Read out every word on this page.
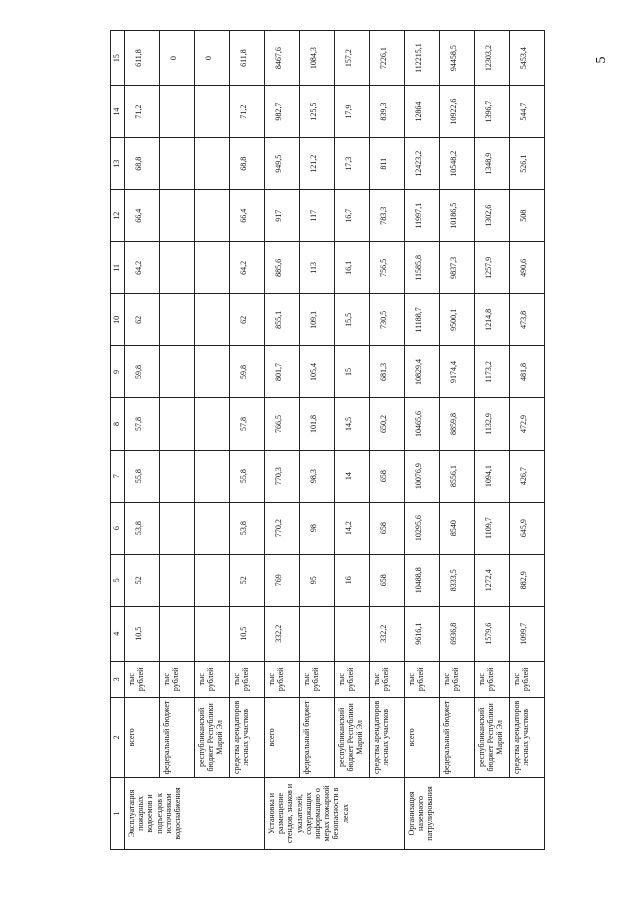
5
1	2	3	4	5	6	7	8	9	10	11	12	13	14	15
Эксплуатация пожарных водоемов и подъездов к источникам водоснабжения	всего	тыс рублей	10,5	52	53,8	55,8	57,8	59,8	62	64,2	66,4	68,8	71,2	611,8
	федеральный бюджет	тыс рублей												0
	республиканский бюджет Республики Марий Эл	тыс рублей												0
	средства арендаторов лесных участков	тыс рублей	10,5	52	53,8	55,8	57,8	59,8	62	64,2	66,4	68,8	71,2	611,8
Установка и размещение стендов, знаков и указателей, содержащих информацию о мерах пожарной безопасности в лесах	всего	тыс рублей	332,2	769	770,2	770,3	766,5	801,7	855,1	885,6	917	949,5	982,7	8467,6
	федеральный бюджет	тыс рублей		95	98	98,3	101,8	105,4	109,1	113	117	121,2	125,5	1084,3
	республиканский бюджет Республики Марий Эл	тыс рублей		16	14,2	14	14,5	15	15,5	16,1	16,7	17,3	17,9	157,2
	средства арендаторов лесных участков	тыс рублей	332,2	658	658	658	650,2	681,3	730,5	756,5	783,3	811	839,3	7226,1
Организация наземного патрулирования	всего	тыс рублей	9616,1	10488,8	10295,6	10076,9	10465,6	10829,4	11188,7	11585,8	11997,1	12423,2	12864	112215,1
	федеральный бюджет	тыс рублей	6936,8	8333,5	8540	8556,1	8859,8	9174,4	9500,1	9837,3	10186,5	10548,2	10922,6	94458,5
	республиканский бюджет Республики Марий Эл	тыс рублей	1579,6	1272,4	1109,7	1094,1	1132,9	1173,2	1214,8	1257,9	1302,6	1348,9	1396,7	12303,2
	средства арендаторов лесных участков	тыс рублей	1099,7	882,9	645,9	426,7	472,9	481,8	473,8	490,6	508	526,1	544,7	5453,4
